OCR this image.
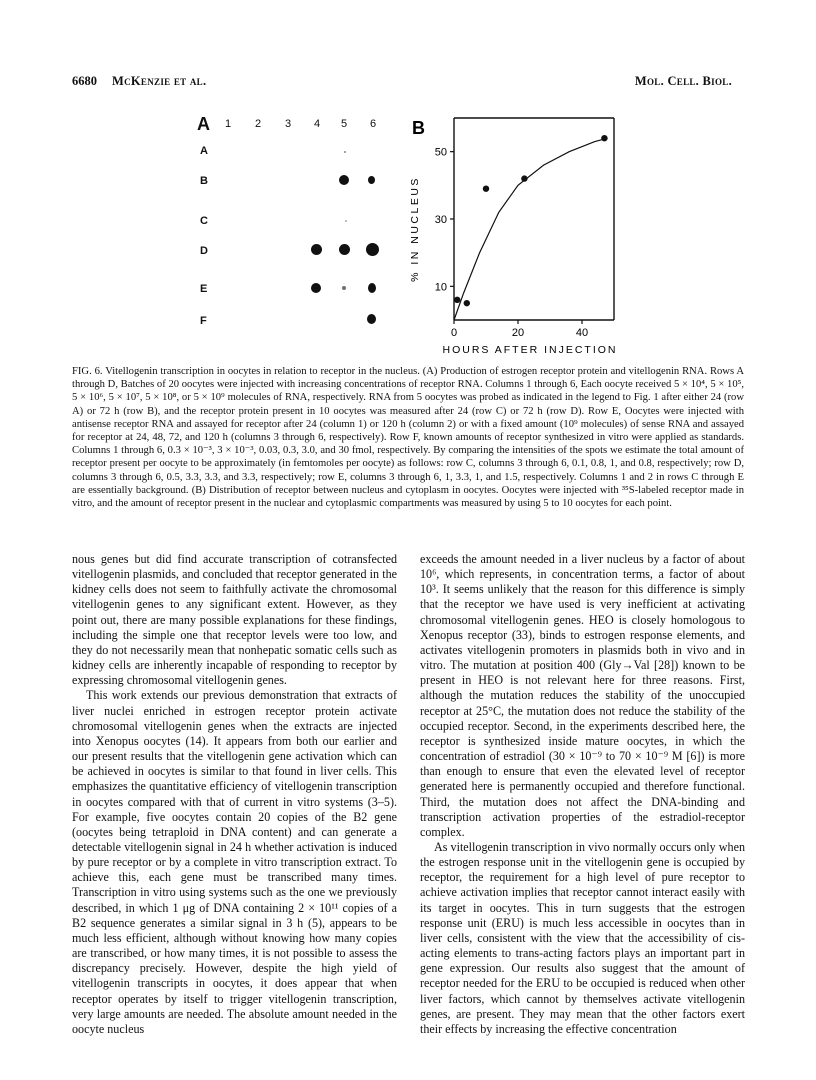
6680 McKenzie et al.	Mol. Cell. Biol.
A 1 2 3 4 5 6
A
B
C
D
E
F
B
10
30
50
0	20	40
HOURS AFTER INJECTION
% IN NUCLEUS
FIG. 6. Vitellogenin transcription in oocytes in relation to receptor in the nucleus. (A) Production of estrogen receptor protein and vitellogenin RNA. Rows A through D, Batches of 20 oocytes were injected with increasing concentrations of receptor RNA. Columns 1 through 6, Each oocyte received 5 × 10⁴, 5 × 10⁵, 5 × 10⁶, 5 × 10⁷, 5 × 10⁸, or 5 × 10⁹ molecules of RNA, respectively. RNA from 5 oocytes was probed as indicated in the legend to Fig. 1 after either 24 (row A) or 72 h (row B), and the receptor protein present in 10 oocytes was measured after 24 (row C) or 72 h (row D). Row E, Oocytes were injected with antisense receptor RNA and assayed for receptor after 24 (column 1) or 120 h (column 2) or with a fixed amount (10⁹ molecules) of sense RNA and assayed for receptor at 24, 48, 72, and 120 h (columns 3 through 6, respectively). Row F, known amounts of receptor synthesized in vitro were applied as standards. Columns 1 through 6, 0.3 × 10⁻³, 3 × 10⁻³, 0.03, 0.3, 3.0, and 30 fmol, respectively. By comparing the intensities of the spots we estimate the total amount of receptor present per oocyte to be approximately (in femtomoles per oocyte) as follows: row C, columns 3 through 6, 0.1, 0.8, 1, and 0.8, respectively; row D, columns 3 through 6, 0.5, 3.3, 3.3, and 3.3, respectively; row E, columns 3 through 6, 1, 3.3, 1, and 1.5, respectively. Columns 1 and 2 in rows C through E are essentially background. (B) Distribution of receptor between nucleus and cytoplasm in oocytes. Oocytes were injected with ³⁵S-labeled receptor made in vitro, and the amount of receptor present in the nuclear and cytoplasmic compartments was measured by using 5 to 10 oocytes for each point.

nous genes but did find accurate transcription of cotransfected vitellogenin plasmids, and concluded that receptor generated in the kidney cells does not seem to faithfully activate the chromosomal vitellogenin genes to any significant extent. However, as they point out, there are many possible explanations for these findings, including the simple one that receptor levels were too low, and they do not necessarily mean that nonhepatic somatic cells such as kidney cells are inherently incapable of responding to receptor by expressing chromosomal vitellogenin genes.

This work extends our previous demonstration that extracts of liver nuclei enriched in estrogen receptor protein activate chromosomal vitellogenin genes when the extracts are injected into Xenopus oocytes (14). It appears from both our earlier and our present results that the vitellogenin gene activation which can be achieved in oocytes is similar to that found in liver cells. This emphasizes the quantitative efficiency of vitellogenin transcription in oocytes compared with that of current in vitro systems (3–5). For example, five oocytes contain 20 copies of the B2 gene (oocytes being tetraploid in DNA content) and can generate a detectable vitellogenin signal in 24 h whether activation is induced by pure receptor or by a complete in vitro transcription extract. To achieve this, each gene must be transcribed many times. Transcription in vitro using systems such as the one we previously described, in which 1 μg of DNA containing 2 × 10¹¹ copies of a B2 sequence generates a similar signal in 3 h (5), appears to be much less efficient, although without knowing how many copies are transcribed, or how many times, it is not possible to assess the discrepancy precisely. However, despite the high yield of vitellogenin transcripts in oocytes, it does appear that when receptor operates by itself to trigger vitellogenin transcription, very large amounts are needed. The absolute amount needed in the oocyte nucleus

exceeds the amount needed in a liver nucleus by a factor of about 10⁶, which represents, in concentration terms, a factor of about 10³. It seems unlikely that the reason for this difference is simply that the receptor we have used is very inefficient at activating chromosomal vitellogenin genes. HEO is closely homologous to Xenopus receptor (33), binds to estrogen response elements, and activates vitellogenin promoters in plasmids both in vivo and in vitro. The mutation at position 400 (Gly→Val [28]) known to be present in HEO is not relevant here for three reasons. First, although the mutation reduces the stability of the unoccupied receptor at 25°C, the mutation does not reduce the stability of the occupied receptor. Second, in the experiments described here, the receptor is synthesized inside mature oocytes, in which the concentration of estradiol (30 × 10⁻⁹ to 70 × 10⁻⁹ M [6]) is more than enough to ensure that even the elevated level of receptor generated here is permanently occupied and therefore functional. Third, the mutation does not affect the DNA-binding and transcription activation properties of the estradiol-receptor complex.

As vitellogenin transcription in vivo normally occurs only when the estrogen response unit in the vitellogenin gene is occupied by receptor, the requirement for a high level of pure receptor to achieve activation implies that receptor cannot interact easily with its target in oocytes. This in turn suggests that the estrogen response unit (ERU) is much less accessible in oocytes than in liver cells, consistent with the view that the accessibility of cis-acting elements to trans-acting factors plays an important part in gene expression. Our results also suggest that the amount of receptor needed for the ERU to be occupied is reduced when other liver factors, which cannot by themselves activate vitellogenin genes, are present. They may mean that the other factors exert their effects by increasing the effective concentration
